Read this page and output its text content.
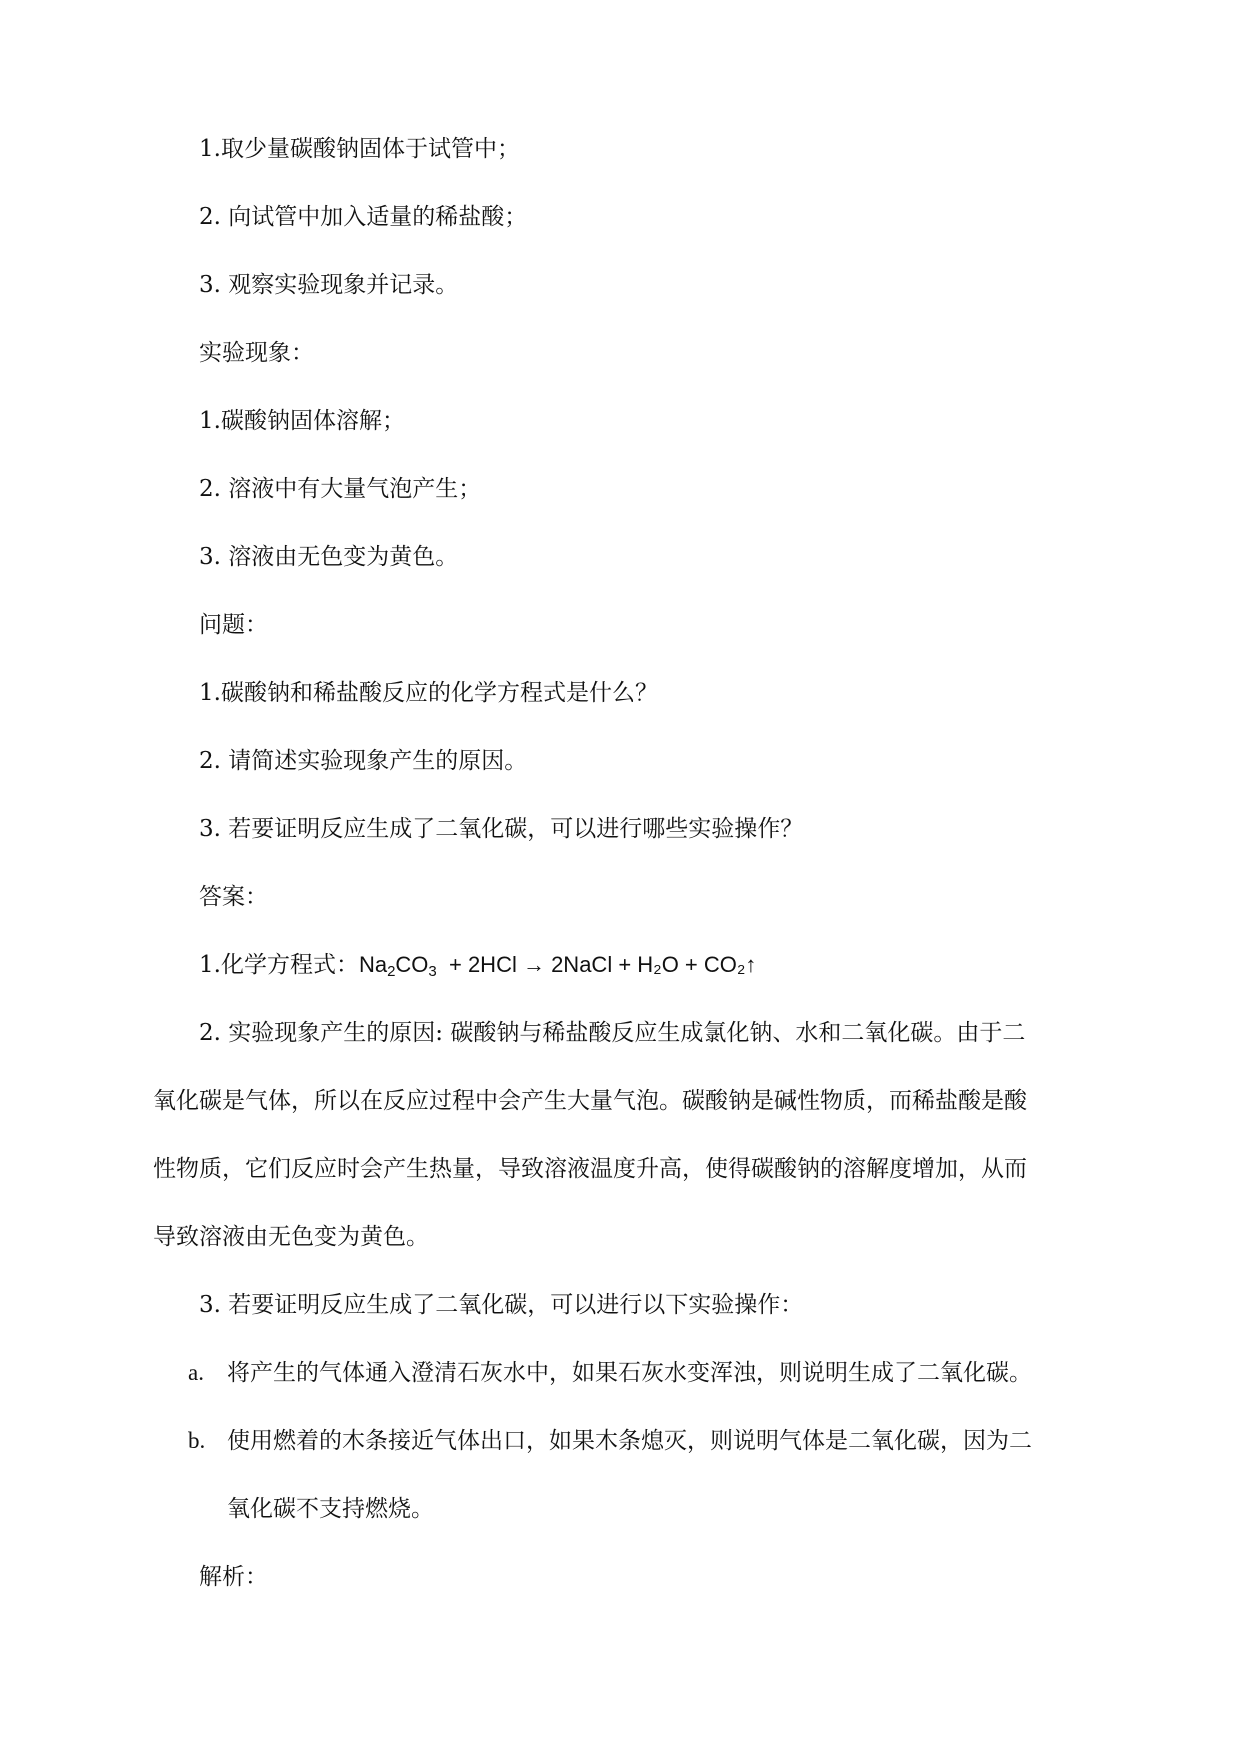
1.取少量碳酸钠固体于试管中；
2. 向试管中加入适量的稀盐酸；
3. 观察实验现象并记录。
实验现象：
1.碳酸钠固体溶解；
2. 溶液中有大量气泡产生；
3. 溶液由无色变为黄色。
问题：
1.碳酸钠和稀盐酸反应的化学方程式是什么？
2. 请简述实验现象产生的原因。
3. 若要证明反应生成了二氧化碳，可以进行哪些实验操作？
答案：
1.化学方程式：$Na_2CO_3 + 2HCl$ → 2NaCl + H₂O + CO₂↑
2. 实验现象产生的原因: 碳酸钠与稀盐酸反应生成氯化钠、水和二氧化碳。由于二
氧化碳是气体，所以在反应过程中会产生大量气泡。碳酸钠是碱性物质，而稀盐酸是酸
性物质，它们反应时会产生热量，导致溶液温度升高，使得碳酸钠的溶解度增加，从而
导致溶液由无色变为黄色。
3. 若要证明反应生成了二氧化碳，可以进行以下实验操作：
a. 将产生的气体通入澄清石灰水中，如果石灰水变浑浊，则说明生成了二氧化碳。
b. 使用燃着的木条接近气体出口，如果木条熄灭，则说明气体是二氧化碳，因为二
氧化碳不支持燃烧。
解析：
